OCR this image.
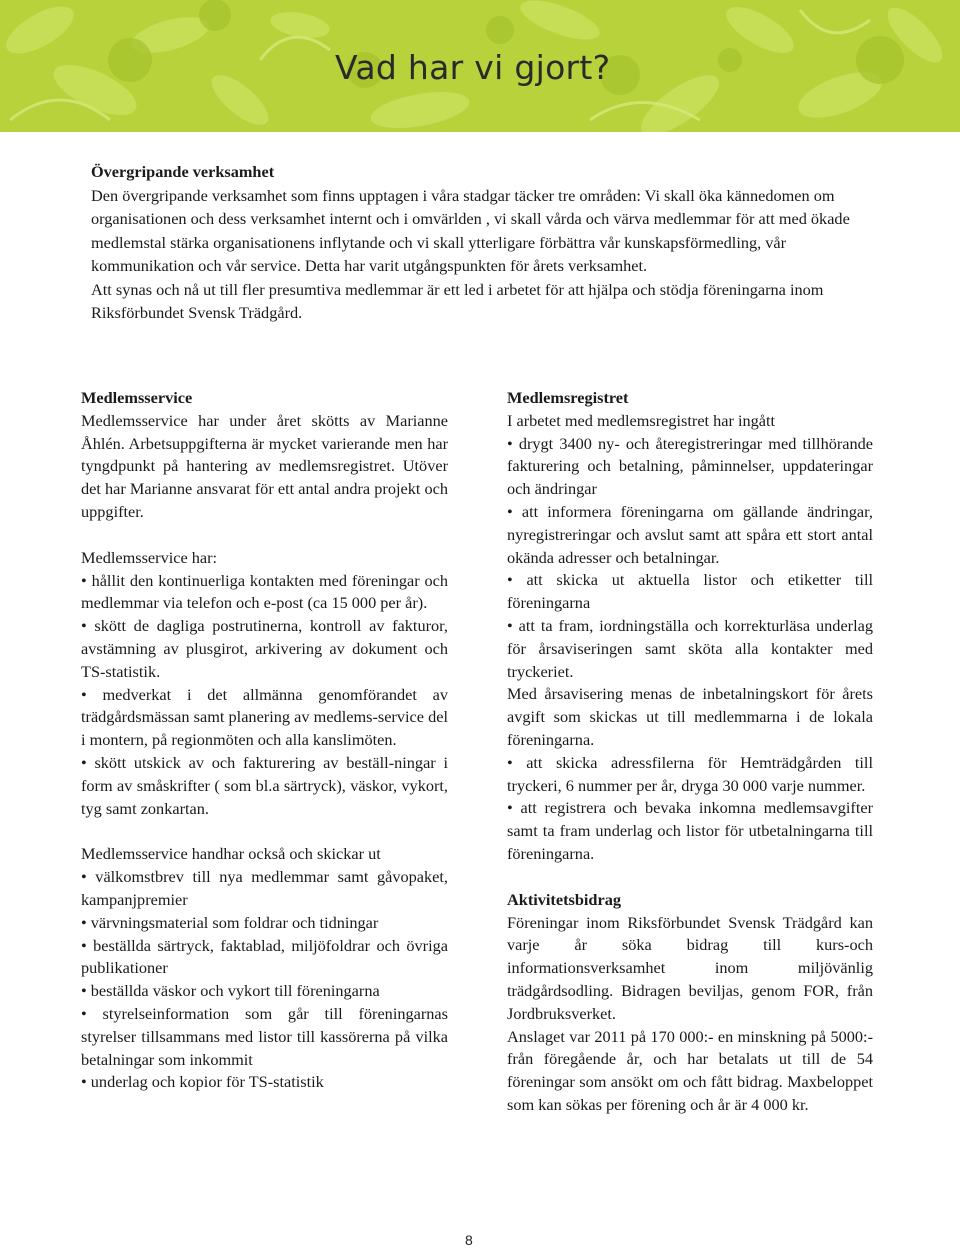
Vad har vi gjort?
Övergripande verksamhet

Den övergripande verksamhet som finns upptagen i våra stadgar täcker tre områden: Vi skall öka kännedomen om organisationen och dess verksamhet internt och i omvärlden , vi skall vårda och värva medlemmar för att med ökade medlemstal stärka organisationens inflytande och vi skall ytterligare förbättra vår kunskapsförmedling, vår kommunikation och vår service. Detta har varit utgångspunkten för årets verksamhet.

Att synas och nå ut till fler presumtiva medlemmar är ett led i arbetet för att hjälpa och stödja föreningarna inom Riksförbundet Svensk Trädgård.

Medlemsservice

Medlemsservice har under året skötts av Marianne Åhlén. Arbetsuppgifterna är mycket varierande men har tyngdpunkt på hantering av medlemsregistret. Utöver det har Marianne ansvarat för ett antal andra projekt och uppgifter.

Medlemsservice har:

• hållit den kontinuerliga kontakten med föreningar och medlemmar via telefon och e-post (ca 15 000 per år).
• skött de dagliga postrutinerna, kontroll av fakturor, avstämning av plusgirot, arkivering av dokument och TS-statistik.
• medverkat i det allmänna genomförandet av trädgårdsmässan samt planering av medlems-service del i montern, på regionmöten och alla kanslimöten.
• skött utskick av och fakturering av beställ-ningar i form av småskrifter ( som bl.a särtryck), väskor, vykort, tyg samt zonkartan.

Medlemsservice handhar också och skickar ut

• välkomstbrev till nya medlemmar samt gåvopaket, kampanjpremier
• värvningsmaterial som foldrar och tidningar
• beställda särtryck, faktablad, miljöfoldrar och övriga publikationer
• beställda väskor och vykort till föreningarna
• styrelseinformation som går till föreningarnas styrelser tillsammans med listor till kassörerna på vilka betalningar som inkommit
• underlag och kopior för TS-statistik
Medlemsregistret

I arbetet med medlemsregistret har ingått

• drygt 3400 ny- och återegistreringar med tillhörande fakturering och betalning, påminnelser, uppdateringar och ändringar
• att informera föreningarna om gällande ändringar, nyregistreringar och avslut samt att spåra ett stort antal okända adresser och betalningar.
• att skicka ut aktuella listor och etiketter till föreningarna
• att ta fram, iordningställa och korrekturläsa underlag för årsaviseringen samt sköta alla kontakter med tryckeriet.

Med årsavisering menas de inbetalningskort för årets avgift som skickas ut till medlemmarna i de lokala föreningarna.

• att skicka adressfilerna för Hemträdgården till tryckeri, 6 nummer per år, dryga 30 000 varje nummer.
• att registrera och bevaka inkomna medlemsavgifter samt ta fram underlag och listor för utbetalningarna till föreningarna.
Aktivitetsbidrag

Föreningar inom Riksförbundet Svensk Trädgård kan varje år söka bidrag till kurs-och informationsverksamhet inom miljövänlig trädgårdsodling. Bidragen beviljas, genom FOR, från Jordbruksverket.

Anslaget var 2011 på 170 000:- en minskning på 5000:- från föregående år, och har betalats ut till de 54 föreningar som ansökt om och fått bidrag. Maxbeloppet som kan sökas per förening och år är 4 000 kr.

8
